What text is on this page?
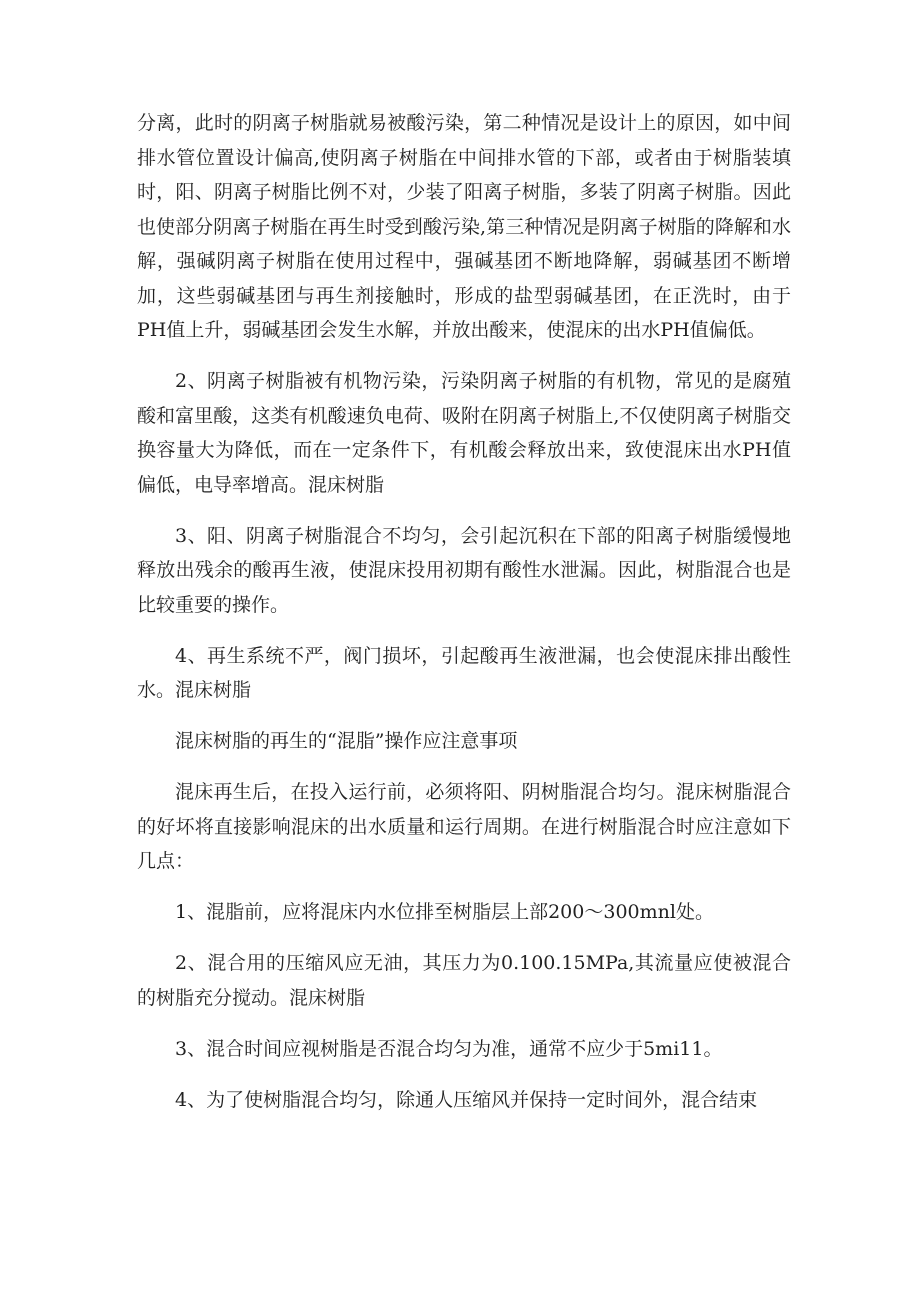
分离，此时的阴离子树脂就易被酸污染，第二种情况是设计上的原因，如中间排水管位置设计偏高,使阴离子树脂在中间排水管的下部，或者由于树脂装填时，阳、阴离子树脂比例不对，少装了阳离子树脂，多装了阴离子树脂。因此也使部分阴离子树脂在再生时受到酸污染,第三种情况是阴离子树脂的降解和水解，强碱阴离子树脂在使用过程中，强碱基团不断地降解，弱碱基团不断增加，这些弱碱基团与再生剂接触时，形成的盐型弱碱基团，在正洗时，由于PH值上升，弱碱基团会发生水解，并放出酸来，使混床的出水PH值偏低。

2、阴离子树脂被有机物污染，污染阴离子树脂的有机物，常见的是腐殖酸和富里酸，这类有机酸速负电荷、吸附在阴离子树脂上,不仅使阴离子树脂交换容量大为降低，而在一定条件下，有机酸会释放出来，致使混床出水PH值偏低，电导率增高。混床树脂

3、阳、阴离子树脂混合不均匀，会引起沉积在下部的阳离子树脂缓慢地释放出残余的酸再生液，使混床投用初期有酸性水泄漏。因此，树脂混合也是比较重要的操作。

4、再生系统不严，阀门损坏，引起酸再生液泄漏，也会使混床排出酸性水。混床树脂

混床树脂的再生的“混脂”操作应注意事项

混床再生后，在投入运行前，必须将阳、阴树脂混合均匀。混床树脂混合的好坏将直接影响混床的出水质量和运行周期。在进行树脂混合时应注意如下几点：

1、混脂前，应将混床内水位排至树脂层上部200～300mnl处。

2、混合用的压缩风应无油，其压力为0.100.15MPa,其流量应使被混合的树脂充分搅动。混床树脂

3、混合时间应视树脂是否混合均匀为准，通常不应少于5mi11。

4、为了使树脂混合均匀，除通人压缩风并保持一定时间外，混合结束
